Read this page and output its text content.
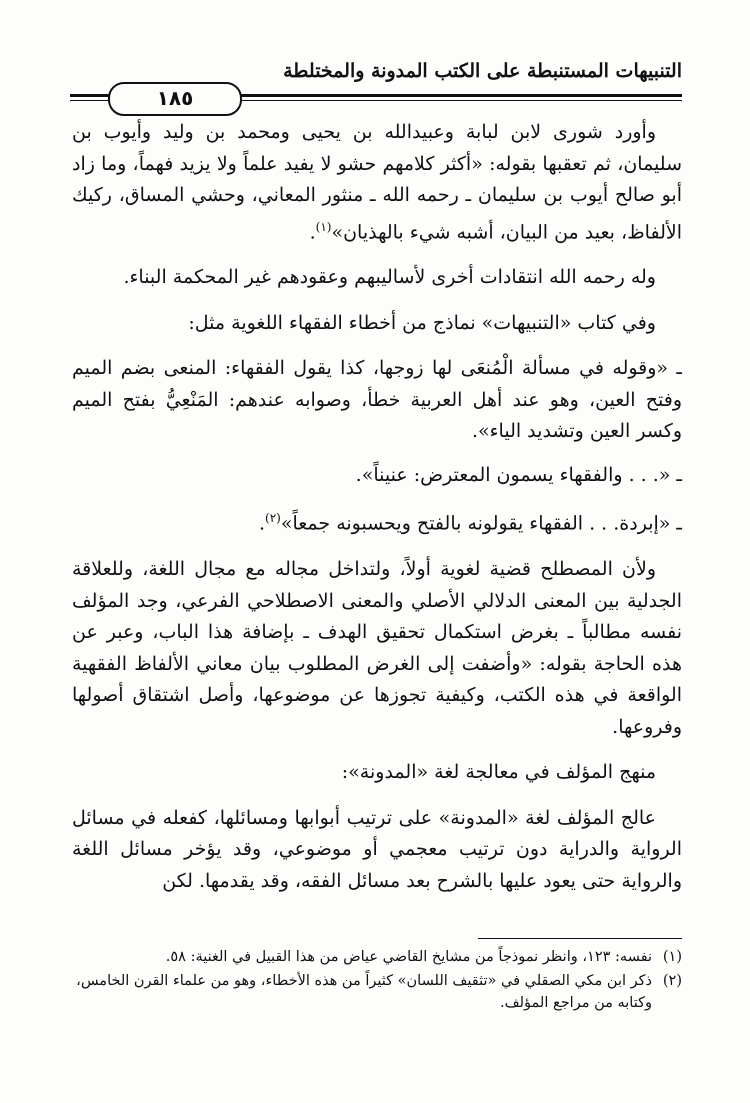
التنبيهات المستنبطة على الكتب المدونة والمختلطة
١٨٥

وأورد شورى لابن لبابة وعبيدالله بن يحيى ومحمد بن وليد وأيوب بن سليمان، ثم تعقبها بقوله: «أكثر كلامهم حشو لا يفيد علماً ولا يزيد فهماً، وما زاد أبو صالح أيوب بن سليمان ـ رحمه الله ـ منثور المعاني، وحشي المساق، ركيك الألفاظ، بعيد من البيان، أشبه شيء بالهذيان»$^{(١)}$.

وله رحمه الله انتقادات أخرى لأساليبهم وعقودهم غير المحكمة البناء.

وفي كتاب «التنبيهات» نماذج من أخطاء الفقهاء اللغوية مثل:

ـ «وقوله في مسألة الْمُنعَى لها زوجها، كذا يقول الفقهاء: المنعى بضم الميم وفتح العين، وهو عند أهل العربية خطأ، وصوابه عندهم: المَنْعِيُّ بفتح الميم وكسر العين وتشديد الياء».

ـ «. . . والفقهاء يسمون المعترض: عنيناً».

ـ «إبردة. . . الفقهاء يقولونه بالفتح ويحسبونه جمعاً»$^{(٢)}$.

ولأن المصطلح قضية لغوية أولاً، ولتداخل مجاله مع مجال اللغة، وللعلاقة الجدلية بين المعنى الدلالي الأصلي والمعنى الاصطلاحي الفرعي، وجد المؤلف نفسه مطالباً ـ بغرض استكمال تحقيق الهدف ـ بإضافة هذا الباب، وعبر عن هذه الحاجة بقوله: «وأضفت إلى الغرض المطلوب بيان معاني الألفاظ الفقهية الواقعة في هذه الكتب، وكيفية تجوزها عن موضوعها، وأصل اشتقاق أصولها وفروعها.

منهج المؤلف في معالجة لغة «المدونة»:

عالج المؤلف لغة «المدونة» على ترتيب أبوابها ومسائلها، كفعله في مسائل الرواية والدراية دون ترتيب معجمي أو موضوعي، وقد يؤخر مسائل اللغة والرواية حتى يعود عليها بالشرح بعد مسائل الفقه، وقد يقدمها. لكن

(١)
نفسه: ١٢٣، وانظر نموذجاً من مشايخ القاضي عياض من هذا القبيل في الغنية: ٥٨.
(٢)
ذكر ابن مكي الصقلي في «تثقيف اللسان» كثيراً من هذه الأخطاء، وهو من علماء القرن الخامس، وكتابه من مراجع المؤلف.
